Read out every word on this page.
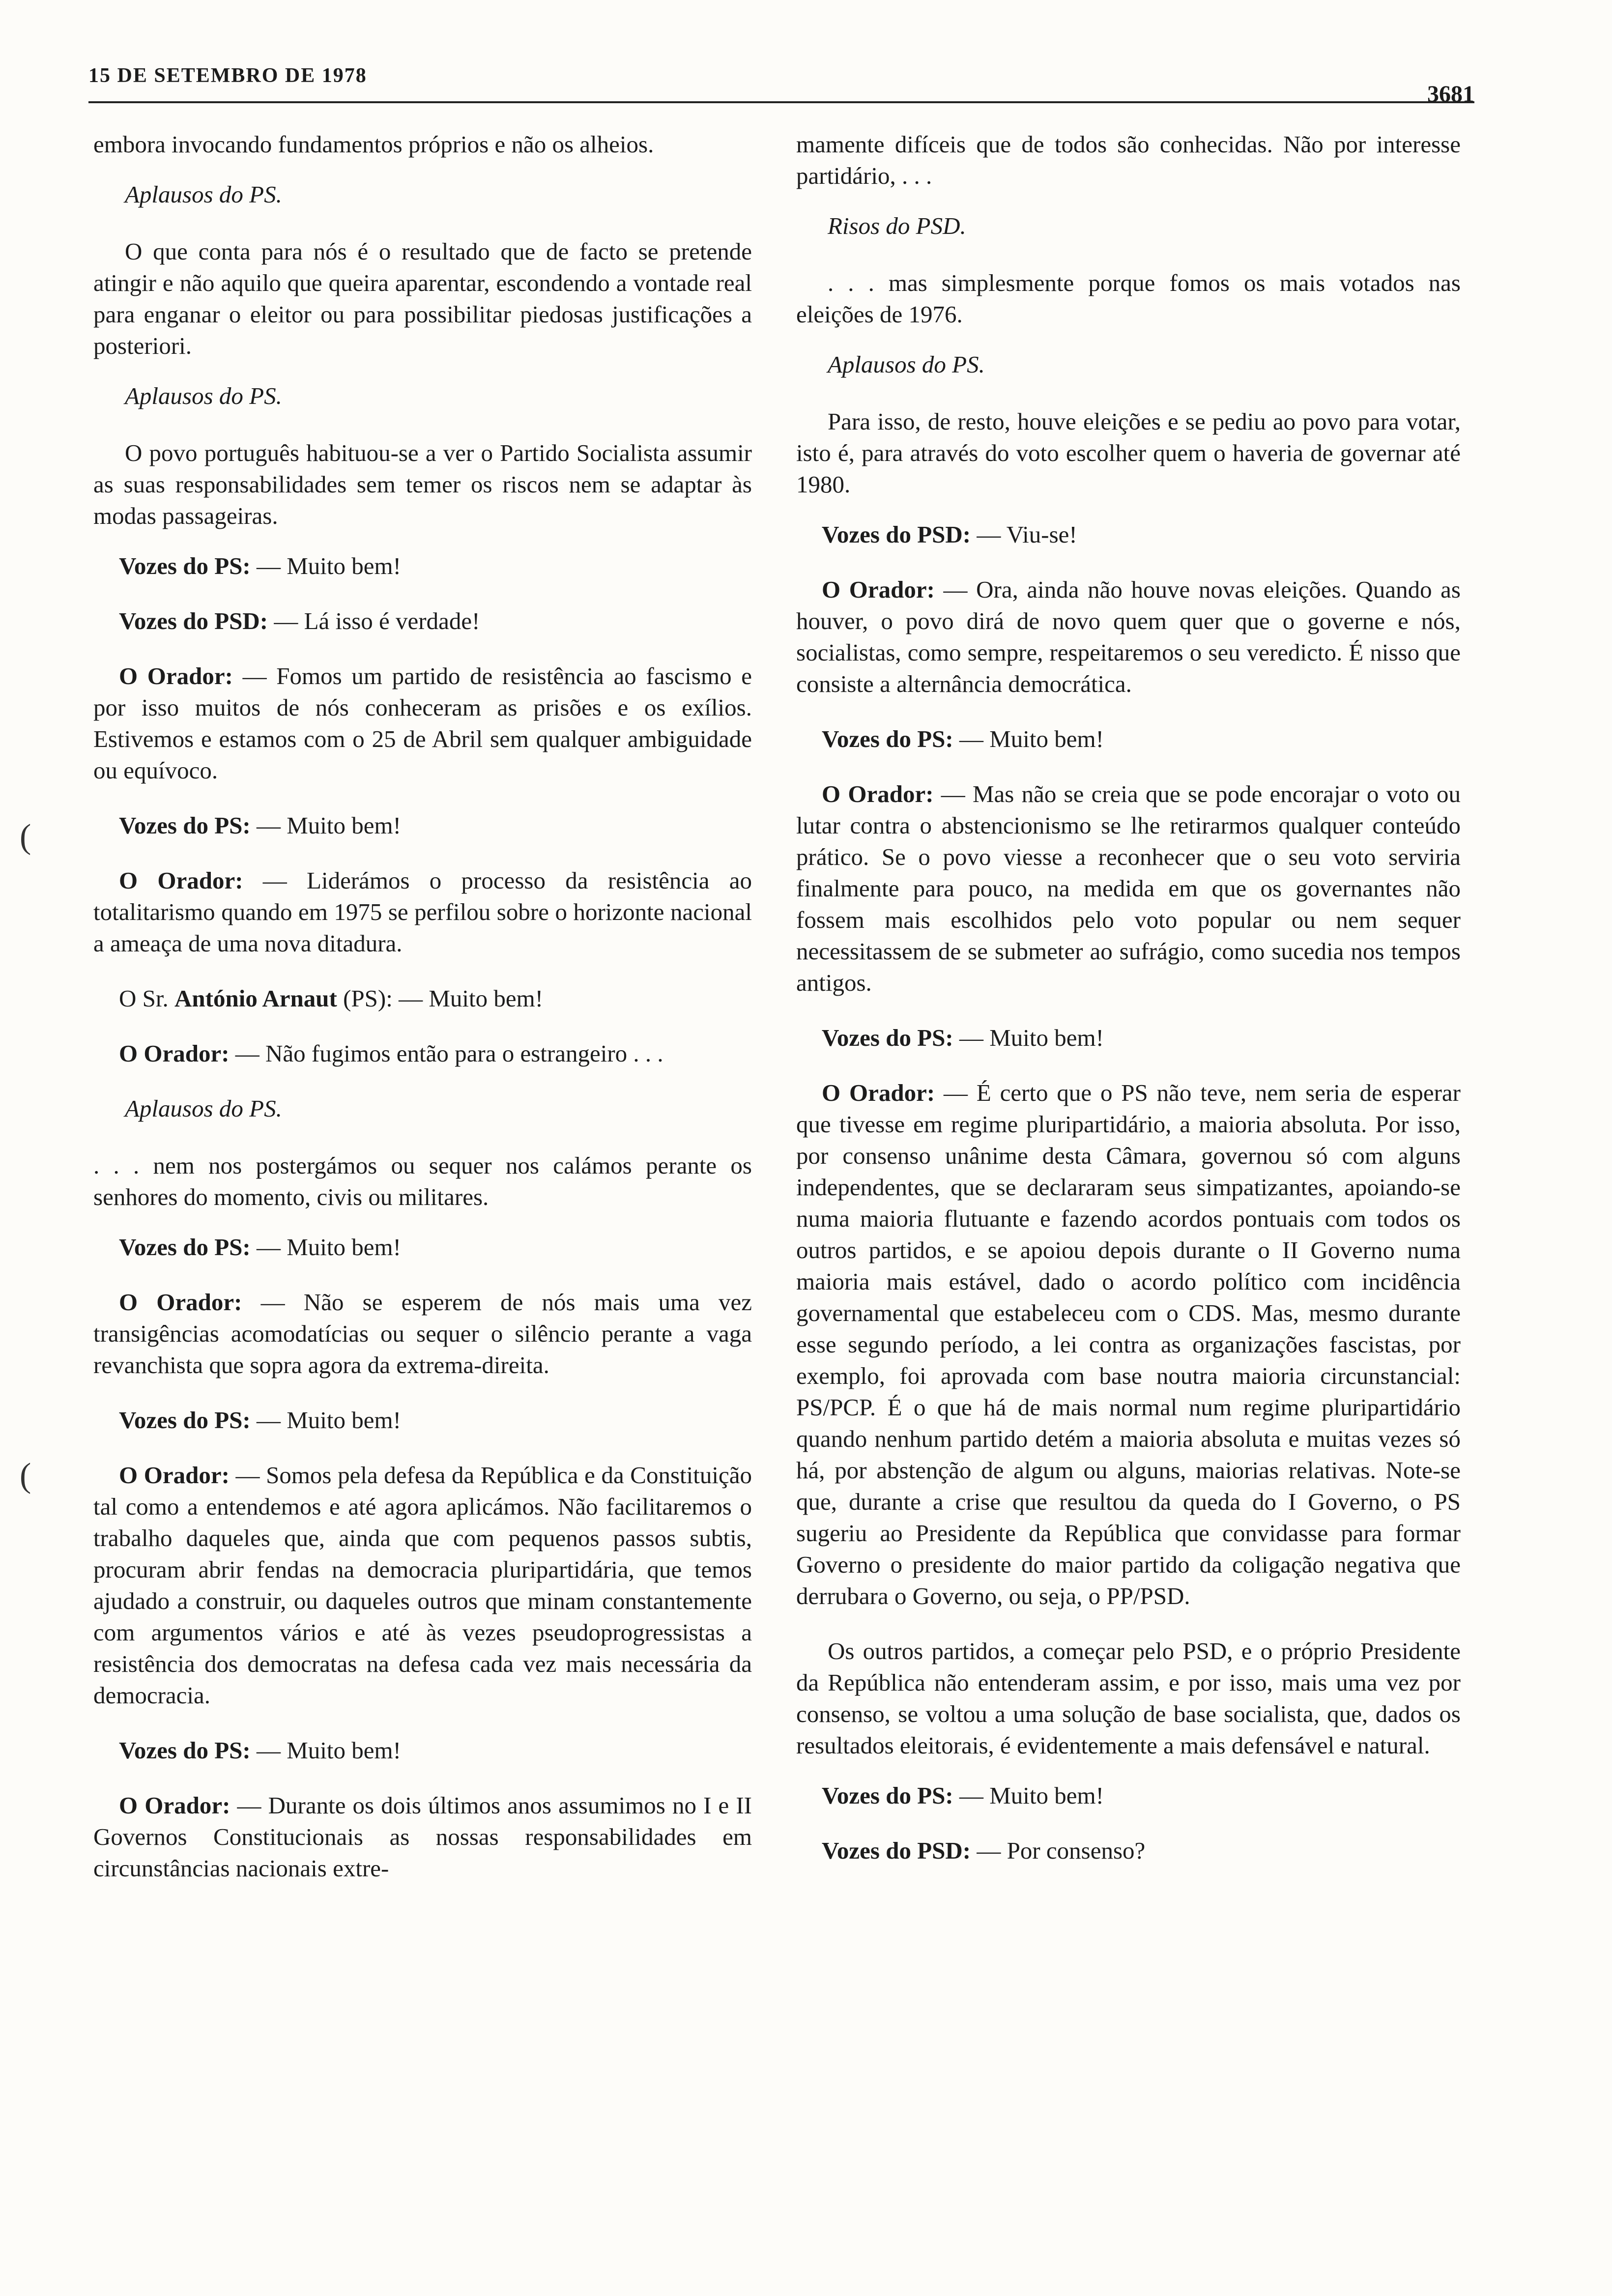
15 DE SETEMBRO DE 1978
3681
embora invocando fundamentos próprios e não os alheios.
Aplausos do PS.
O que conta para nós é o resultado que de facto se pretende atingir e não aquilo que queira aparentar, escondendo a vontade real para enganar o eleitor ou para possibilitar piedosas justificações a posteriori.
Aplausos do PS.
O povo português habituou-se a ver o Partido Socialista assumir as suas responsabilidades sem temer os riscos nem se adaptar às modas passageiras.
Vozes do PS: — Muito bem!
Vozes do PSD: — Lá isso é verdade!
O Orador: — Fomos um partido de resistência ao fascismo e por isso muitos de nós conheceram as prisões e os exílios. Estivemos e estamos com o 25 de Abril sem qualquer ambiguidade ou equívoco.
Vozes do PS: — Muito bem!
O Orador: — Liderámos o processo da resistência ao totalitarismo quando em 1975 se perfilou sobre o horizonte nacional a ameaça de uma nova ditadura.
O Sr. António Arnaut (PS): — Muito bem!
O Orador: — Não fugimos então para o estrangeiro . . .
Aplausos do PS.
. . . nem nos postergámos ou sequer nos calámos perante os senhores do momento, civis ou militares.
Vozes do PS: — Muito bem!
O Orador: — Não se esperem de nós mais uma vez transigências acomodatícias ou sequer o silêncio perante a vaga revanchista que sopra agora da extrema-direita.
Vozes do PS: — Muito bem!
O Orador: — Somos pela defesa da República e da Constituição tal como a entendemos e até agora aplicámos. Não facilitaremos o trabalho daqueles que, ainda que com pequenos passos subtis, procuram abrir fendas na democracia pluripartidária, que temos ajudado a construir, ou daqueles outros que minam constantemente com argumentos vários e até às vezes pseudoprogressistas a resistência dos democratas na defesa cada vez mais necessária da democracia.
Vozes do PS: — Muito bem!
O Orador: — Durante os dois últimos anos assumimos no I e II Governos Constitucionais as nossas responsabilidades em circunstâncias nacionais extre-
mamente difíceis que de todos são conhecidas. Não por interesse partidário, . . .
Risos do PSD.
. . . mas simplesmente porque fomos os mais votados nas eleições de 1976.
Aplausos do PS.
Para isso, de resto, houve eleições e se pediu ao povo para votar, isto é, para através do voto escolher quem o haveria de governar até 1980.
Vozes do PSD: — Viu-se!
O Orador: — Ora, ainda não houve novas eleições. Quando as houver, o povo dirá de novo quem quer que o governe e nós, socialistas, como sempre, respeitaremos o seu veredicto. É nisso que consiste a alternância democrática.
Vozes do PS: — Muito bem!
O Orador: — Mas não se creia que se pode encorajar o voto ou lutar contra o abstencionismo se lhe retirarmos qualquer conteúdo prático. Se o povo viesse a reconhecer que o seu voto serviria finalmente para pouco, na medida em que os governantes não fossem mais escolhidos pelo voto popular ou nem sequer necessitassem de se submeter ao sufrágio, como sucedia nos tempos antigos.
Vozes do PS: — Muito bem!
O Orador: — É certo que o PS não teve, nem seria de esperar que tivesse em regime pluripartidário, a maioria absoluta. Por isso, por consenso unânime desta Câmara, governou só com alguns independentes, que se declararam seus simpatizantes, apoiando-se numa maioria flutuante e fazendo acordos pontuais com todos os outros partidos, e se apoiou depois durante o II Governo numa maioria mais estável, dado o acordo político com incidência governamental que estabeleceu com o CDS. Mas, mesmo durante esse segundo período, a lei contra as organizações fascistas, por exemplo, foi aprovada com base noutra maioria circunstancial: PS/PCP. É o que há de mais normal num regime pluripartidário quando nenhum partido detém a maioria absoluta e muitas vezes só há, por abstenção de algum ou alguns, maiorias relativas. Note-se que, durante a crise que resultou da queda do I Governo, o PS sugeriu ao Presidente da República que convidasse para formar Governo o presidente do maior partido da coligação negativa que derrubara o Governo, ou seja, o PP/PSD.
Os outros partidos, a começar pelo PSD, e o próprio Presidente da República não entenderam assim, e por isso, mais uma vez por consenso, se voltou a uma solução de base socialista, que, dados os resultados eleitorais, é evidentemente a mais defensável e natural.
Vozes do PS: — Muito bem!
Vozes do PSD: — Por consenso?
(
(
